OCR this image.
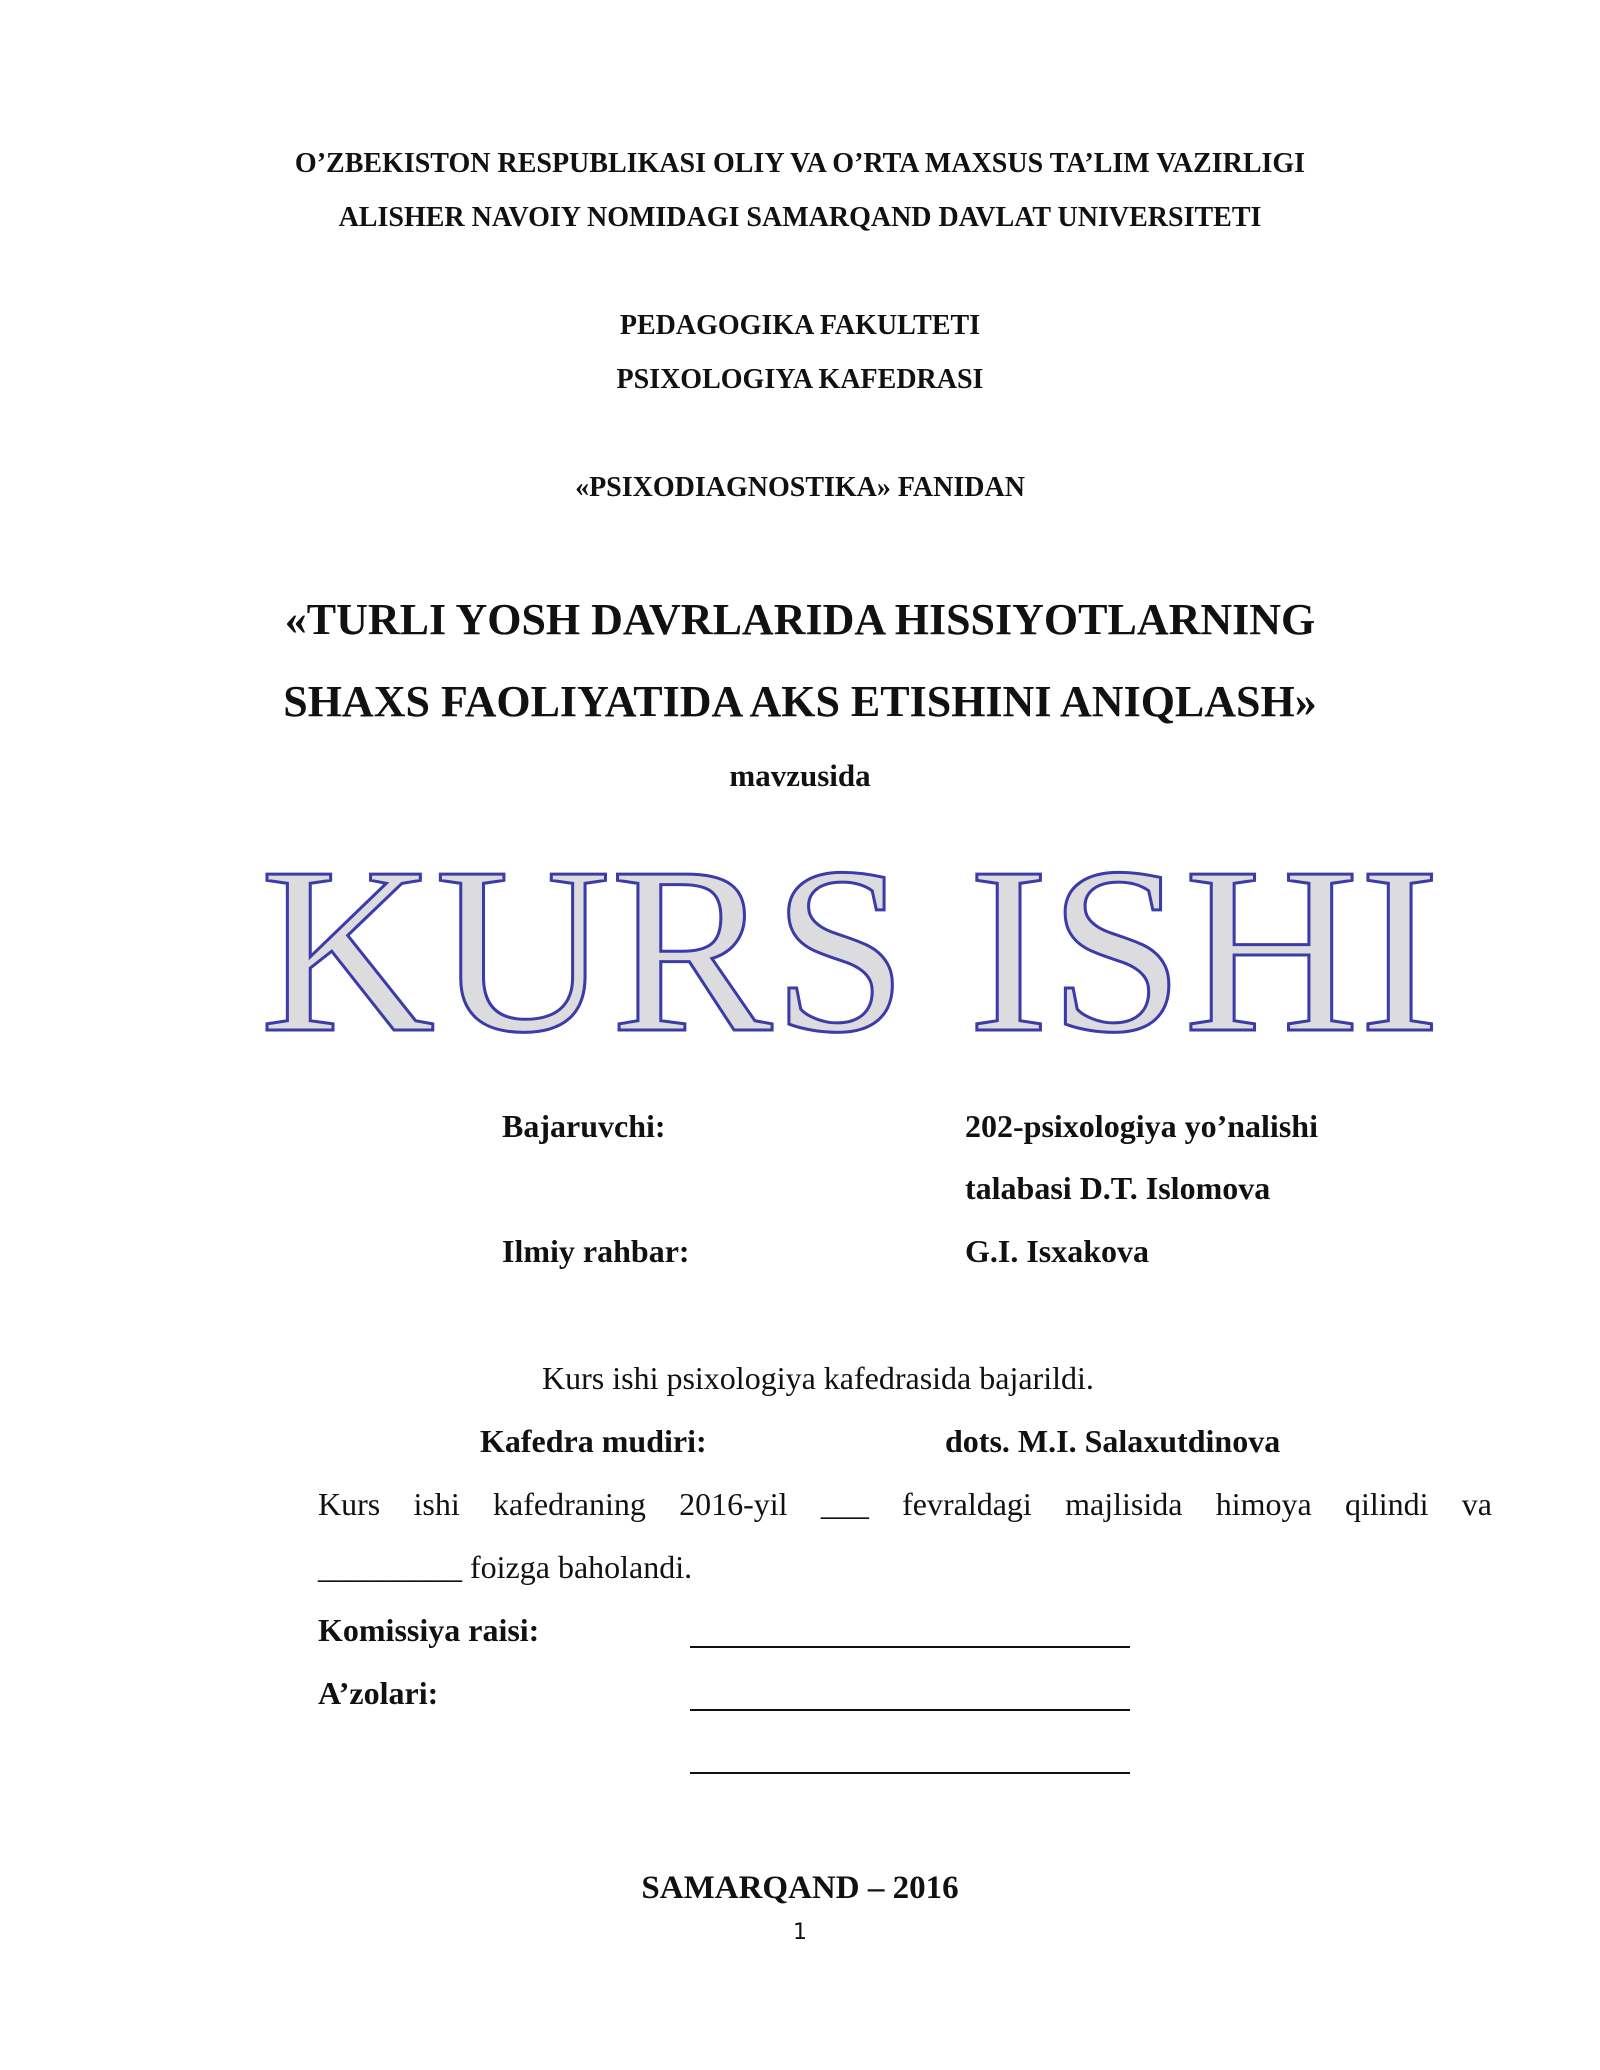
O’ZBEKISTON RESPUBLIKASI OLIY VA O’RTA MAXSUS TA’LIM VAZIRLIGI
ALISHER NAVOIY NOMIDAGI SAMARQAND DAVLAT UNIVERSITETI
PEDAGOGIKA FAKULTETI
PSIXOLOGIYA KAFEDRASI
«PSIXODIAGNOSTIKA» FANIDAN
«TURLI YOSH DAVRLARIDA HISSIYOTLARNING
SHAXS FAOLIYATIDA AKS ETISHINI ANIQLASH»
mavzusida
KURS ISHI
Bajaruvchi:	202-psixologiya yo’nalishi
talabasi D.T. Islomova
Ilmiy rahbar:	G.I. Isxakova
Kurs ishi psixologiya kafedrasida bajarildi.
Kafedra mudiri:	dots. M.I. Salaxutdinova
Kurs ishi kafedraning 2016-yil ___ fevraldagi majlisida himoya qilindi va
_________ foizga baholandi.
Komissiya raisi:
A’zolari:
SAMARQAND – 2016
1
